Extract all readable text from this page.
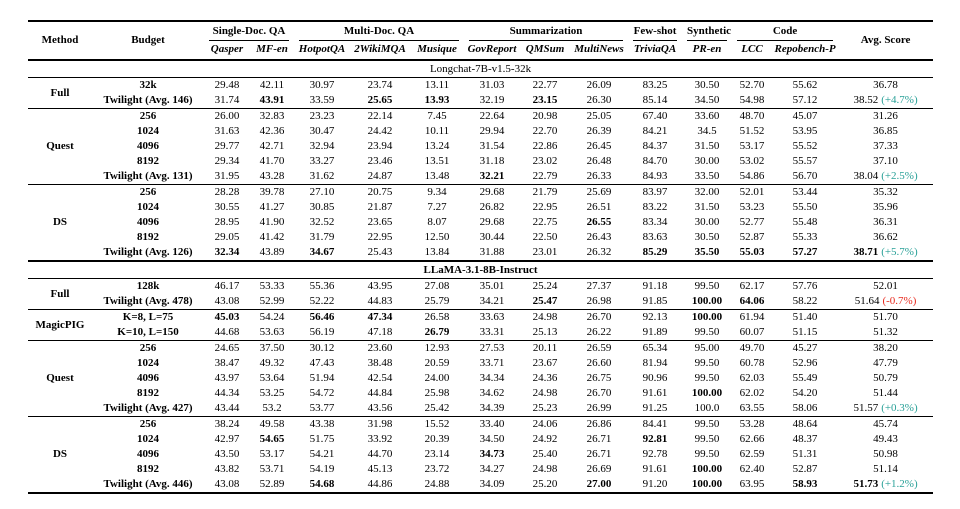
Method	Budget	Single-Doc. QA		Multi-Doc. QA			Summarization			Few-shot	Synthetic	Code		Avg. Score
		Qasper	MF-en	HotpotQA	2WikiMQA	Musique	GovReport	QMSum	MultiNews	TriviaQA	PR-en	LCC	Repobench-P	
Longchat-7B-v1.5-32k														
Full	32k	29.48	42.11	30.97	23.74	13.11	31.03	22.77	26.09	83.25	30.50	52.70	55.62	36.78
	Twilight (Avg. 146)	31.74	43.91	33.59	25.65	13.93	32.19	23.15	26.30	85.14	34.50	54.98	57.12	38.52 (+4.7%)
Quest	256	26.00	32.83	23.23	22.14	7.45	22.64	20.98	25.05	67.40	33.60	48.70	45.07	31.26
	1024	31.63	42.36	30.47	24.42	10.11	29.94	22.70	26.39	84.21	34.5	51.52	53.95	36.85
	4096	29.77	42.71	32.94	23.94	13.24	31.54	22.86	26.45	84.37	31.50	53.17	55.52	37.33
	8192	29.34	41.70	33.27	23.46	13.51	31.18	23.02	26.48	84.70	30.00	53.02	55.57	37.10
	Twilight (Avg. 131)	31.95	43.28	31.62	24.87	13.48	32.21	22.79	26.33	84.93	33.50	54.86	56.70	38.04 (+2.5%)
DS	256	28.28	39.78	27.10	20.75	9.34	29.68	21.79	25.69	83.97	32.00	52.01	53.44	35.32
	1024	30.55	41.27	30.85	21.87	7.27	26.82	22.95	26.51	83.22	31.50	53.23	55.50	35.96
	4096	28.95	41.90	32.52	23.65	8.07	29.68	22.75	26.55	83.34	30.00	52.77	55.48	36.31
	8192	29.05	41.42	31.79	22.95	12.50	30.44	22.50	26.43	83.63	30.50	52.87	55.33	36.62
	Twilight (Avg. 126)	32.34	43.89	34.67	25.43	13.84	31.88	23.01	26.32	85.29	35.50	55.03	57.27	38.71 (+5.7%)
LLaMA-3.1-8B-Instruct														
Full	128k	46.17	53.33	55.36	43.95	27.08	35.01	25.24	27.37	91.18	99.50	62.17	57.76	52.01
	Twilight (Avg. 478)	43.08	52.99	52.22	44.83	25.79	34.21	25.47	26.98	91.85	100.00	64.06	58.22	51.64 (-0.7%)
MagicPIG	K=8, L=75	45.03	54.24	56.46	47.34	26.58	33.63	24.98	26.70	92.13	100.00	61.94	51.40	51.70
	K=10, L=150	44.68	53.63	56.19	47.18	26.79	33.31	25.13	26.22	91.89	99.50	60.07	51.15	51.32
Quest	256	24.65	37.50	30.12	23.60	12.93	27.53	20.11	26.59	65.34	95.00	49.70	45.27	38.20
	1024	38.47	49.32	47.43	38.48	20.59	33.71	23.67	26.60	81.94	99.50	60.78	52.96	47.79
	4096	43.97	53.64	51.94	42.54	24.00	34.34	24.36	26.75	90.96	99.50	62.03	55.49	50.79
	8192	44.34	53.25	54.72	44.84	25.98	34.62	24.98	26.70	91.61	100.00	62.02	54.20	51.44
	Twilight (Avg. 427)	43.44	53.2	53.77	43.56	25.42	34.39	25.23	26.99	91.25	100.0	63.55	58.06	51.57 (+0.3%)
DS	256	38.24	49.58	43.38	31.98	15.52	33.40	24.06	26.86	84.41	99.50	53.28	48.64	45.74
	1024	42.97	54.65	51.75	33.92	20.39	34.50	24.92	26.71	92.81	99.50	62.66	48.37	49.43
	4096	43.50	53.17	54.21	44.70	23.14	34.73	25.40	26.71	92.78	99.50	62.59	51.31	50.98
	8192	43.82	53.71	54.19	45.13	23.72	34.27	24.98	26.69	91.61	100.00	62.40	52.87	51.14
	Twilight (Avg. 446)	43.08	52.89	54.68	44.86	24.88	34.09	25.20	27.00	91.20	100.00	63.95	58.93	51.73 (+1.2%)
